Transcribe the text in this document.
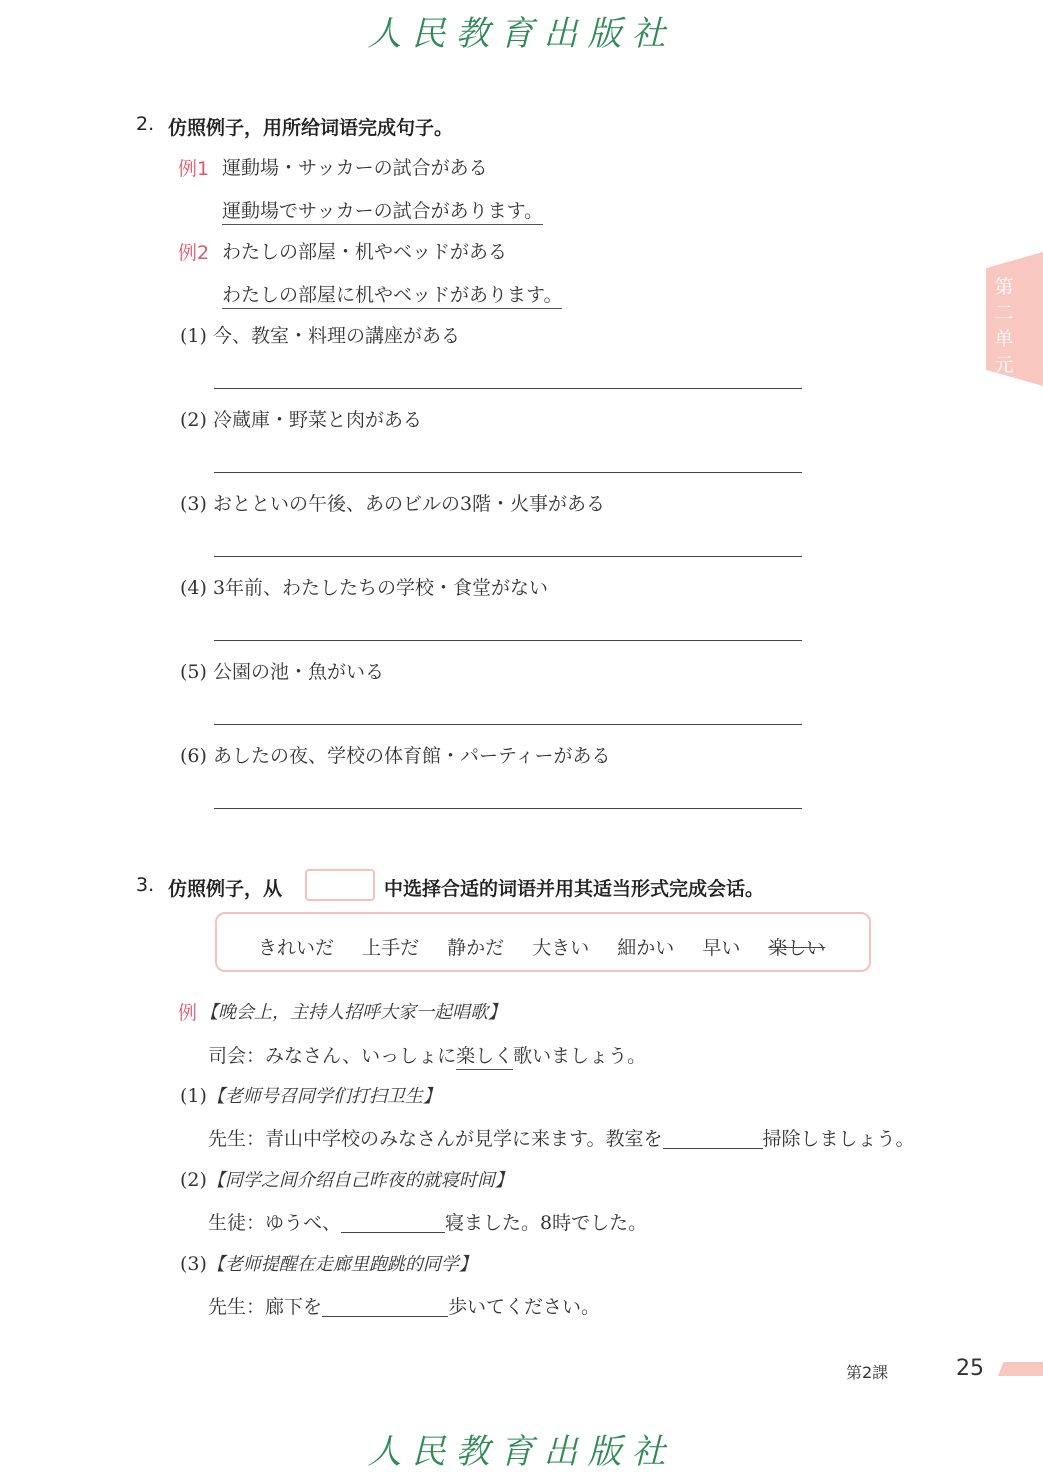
人民教育出版社
第二单元
2. 仿照例子，用所给词语完成句子。
例1 運動場・サッカーの試合がある
運動場でサッカーの試合があります。
例2 わたしの部屋・机やベッドがある
わたしの部屋に机やベッドがあります。
(1) 今、教室・料理の講座がある
(2) 冷蔵庫・野菜と肉がある
(3) おとといの午後、あのビルの3階・火事がある
(4) 3年前、わたしたちの学校・食堂がない
(5) 公園の池・魚がいる
(6) あしたの夜、学校の体育館・パーティーがある
3. 仿照例子，从	中选择合适的词语并用其适当形式完成会话。
きれいだ 上手だ 静かだ 大きい 細かい 早い 楽しい
例 【晚会上，主持人招呼大家一起唱歌】
司会：みなさん、いっしょに楽しく歌いましょう。
(1)【老师号召同学们打扫卫生】
先生：青山中学校のみなさんが見学に来ます。教室を	掃除しましょう。
(2)【同学之间介绍自己昨夜的就寝时间】
生徒：ゆうべ、	寝ました。8時でした。
(3)【老师提醒在走廊里跑跳的同学】
先生：廊下を	歩いてください。
第2課	25
人民教育出版社
